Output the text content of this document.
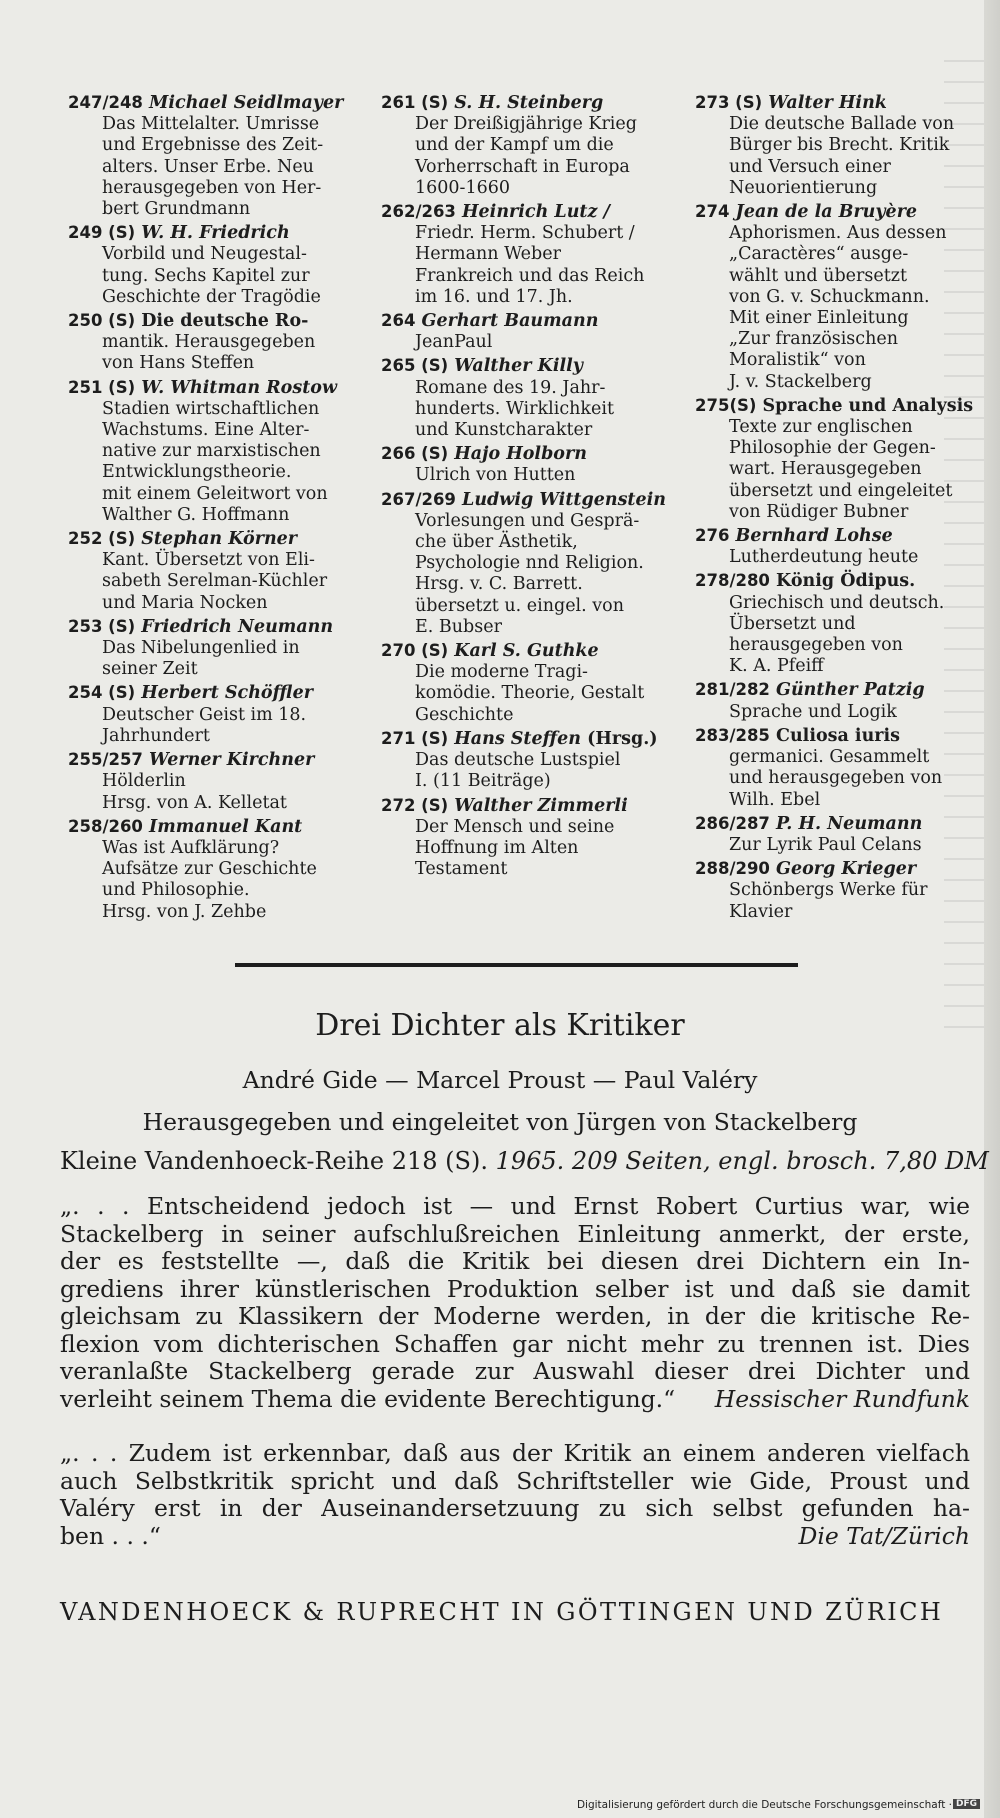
247/248 Michael Seidlmayer
Das Mittelalter. Umrisse
und Ergebnisse des Zeit-
alters. Unser Erbe. Neu
herausgegeben von Her-
bert Grundmann
249 (S) W. H. Friedrich
Vorbild und Neugestal-
tung. Sechs Kapitel zur
Geschichte der Tragödie
250 (S) Die deutsche Ro-
mantik. Herausgegeben
von Hans Steffen
251 (S) W. Whitman Rostow
Stadien wirtschaftlichen
Wachstums. Eine Alter-
native zur marxistischen
Entwicklungstheorie.
mit einem Geleitwort von
Walther G. Hoffmann
252 (S) Stephan Körner
Kant. Übersetzt von Eli-
sabeth Serelman-Küchler
und Maria Nocken
253 (S) Friedrich Neumann
Das Nibelungenlied in
seiner Zeit
254 (S) Herbert Schöffler
Deutscher Geist im 18.
Jahrhundert
255/257 Werner Kirchner
Hölderlin
Hrsg. von A. Kelletat
258/260 Immanuel Kant
Was ist Aufklärung?
Aufsätze zur Geschichte
und Philosophie.
Hrsg. von J. Zehbe
261 (S) S. H. Steinberg
Der Dreißigjährige Krieg
und der Kampf um die
Vorherrschaft in Europa
1600-1660
262/263 Heinrich Lutz /
Friedr. Herm. Schubert /
Hermann Weber
Frankreich und das Reich
im 16. und 17. Jh.
264 Gerhart Baumann
JeanPaul
265 (S) Walther Killy
Romane des 19. Jahr-
hunderts. Wirklichkeit
und Kunstcharakter
266 (S) Hajo Holborn
Ulrich von Hutten
267/269 Ludwig Wittgenstein
Vorlesungen und Gesprä-
che über Ästhetik,
Psychologie nnd Religion.
Hrsg. v. C. Barrett.
übersetzt u. eingel. von
E. Bubser
270 (S) Karl S. Guthke
Die moderne Tragi-
komödie. Theorie, Gestalt
Geschichte
271 (S) Hans Steffen (Hrsg.)
Das deutsche Lustspiel
I. (11 Beiträge)
272 (S) Walther Zimmerli
Der Mensch und seine
Hoffnung im Alten
Testament
273 (S) Walter Hink
Die deutsche Ballade von
Bürger bis Brecht. Kritik
und Versuch einer
Neuorientierung
274 Jean de la Bruyère
Aphorismen. Aus dessen
„Caractères“ ausge-
wählt und übersetzt
von G. v. Schuckmann.
Mit einer Einleitung
„Zur französischen
Moralistik“ von
J. v. Stackelberg
275(S) Sprache und Analysis
Texte zur englischen
Philosophie der Gegen-
wart. Herausgegeben
übersetzt und eingeleitet
von Rüdiger Bubner
276 Bernhard Lohse
Lutherdeutung heute
278/280 König Ödipus.
Griechisch und deutsch.
Übersetzt und
herausgegeben von
K. A. Pfeiff
281/282 Günther Patzig
Sprache und Logik
283/285 Culiosa iuris
germanici. Gesammelt
und herausgegeben von
Wilh. Ebel
286/287 P. H. Neumann
Zur Lyrik Paul Celans
288/290 Georg Krieger
Schönbergs Werke für
Klavier
Drei Dichter als Kritiker
André Gide — Marcel Proust — Paul Valéry
Herausgegeben und eingeleitet von Jürgen von Stackelberg
Kleine Vandenhoeck-Reihe 218 (S). 1965. 209 Seiten, engl. brosch. 7,80 DM
„. . . Entscheidend jedoch ist — und Ernst Robert Curtius war, wie
Stackelberg in seiner aufschlußreichen Einleitung anmerkt, der erste,
der es feststellte —, daß die Kritik bei diesen drei Dichtern ein In-
grediens ihrer künstlerischen Produktion selber ist und daß sie damit
gleichsam zu Klassikern der Moderne werden, in der die kritische Re-
flexion vom dichterischen Schaffen gar nicht mehr zu trennen ist. Dies
veranlaßte Stackelberg gerade zur Auswahl dieser drei Dichter und
verleiht seinem Thema die evidente Berechtigung.“ Hessischer Rundfunk
„. . . Zudem ist erkennbar, daß aus der Kritik an einem anderen vielfach
auch Selbstkritik spricht und daß Schriftsteller wie Gide, Proust und
Valéry erst in der Auseinandersetzuung zu sich selbst gefunden ha-
ben . . .“	Die Tat/Zürich
VANDENHOECK & RUPRECHT IN GÖTTINGEN UND ZÜRICH
Digitalisierung gefördert durch die Deutsche Forschungsgemeinschaft · DFG
